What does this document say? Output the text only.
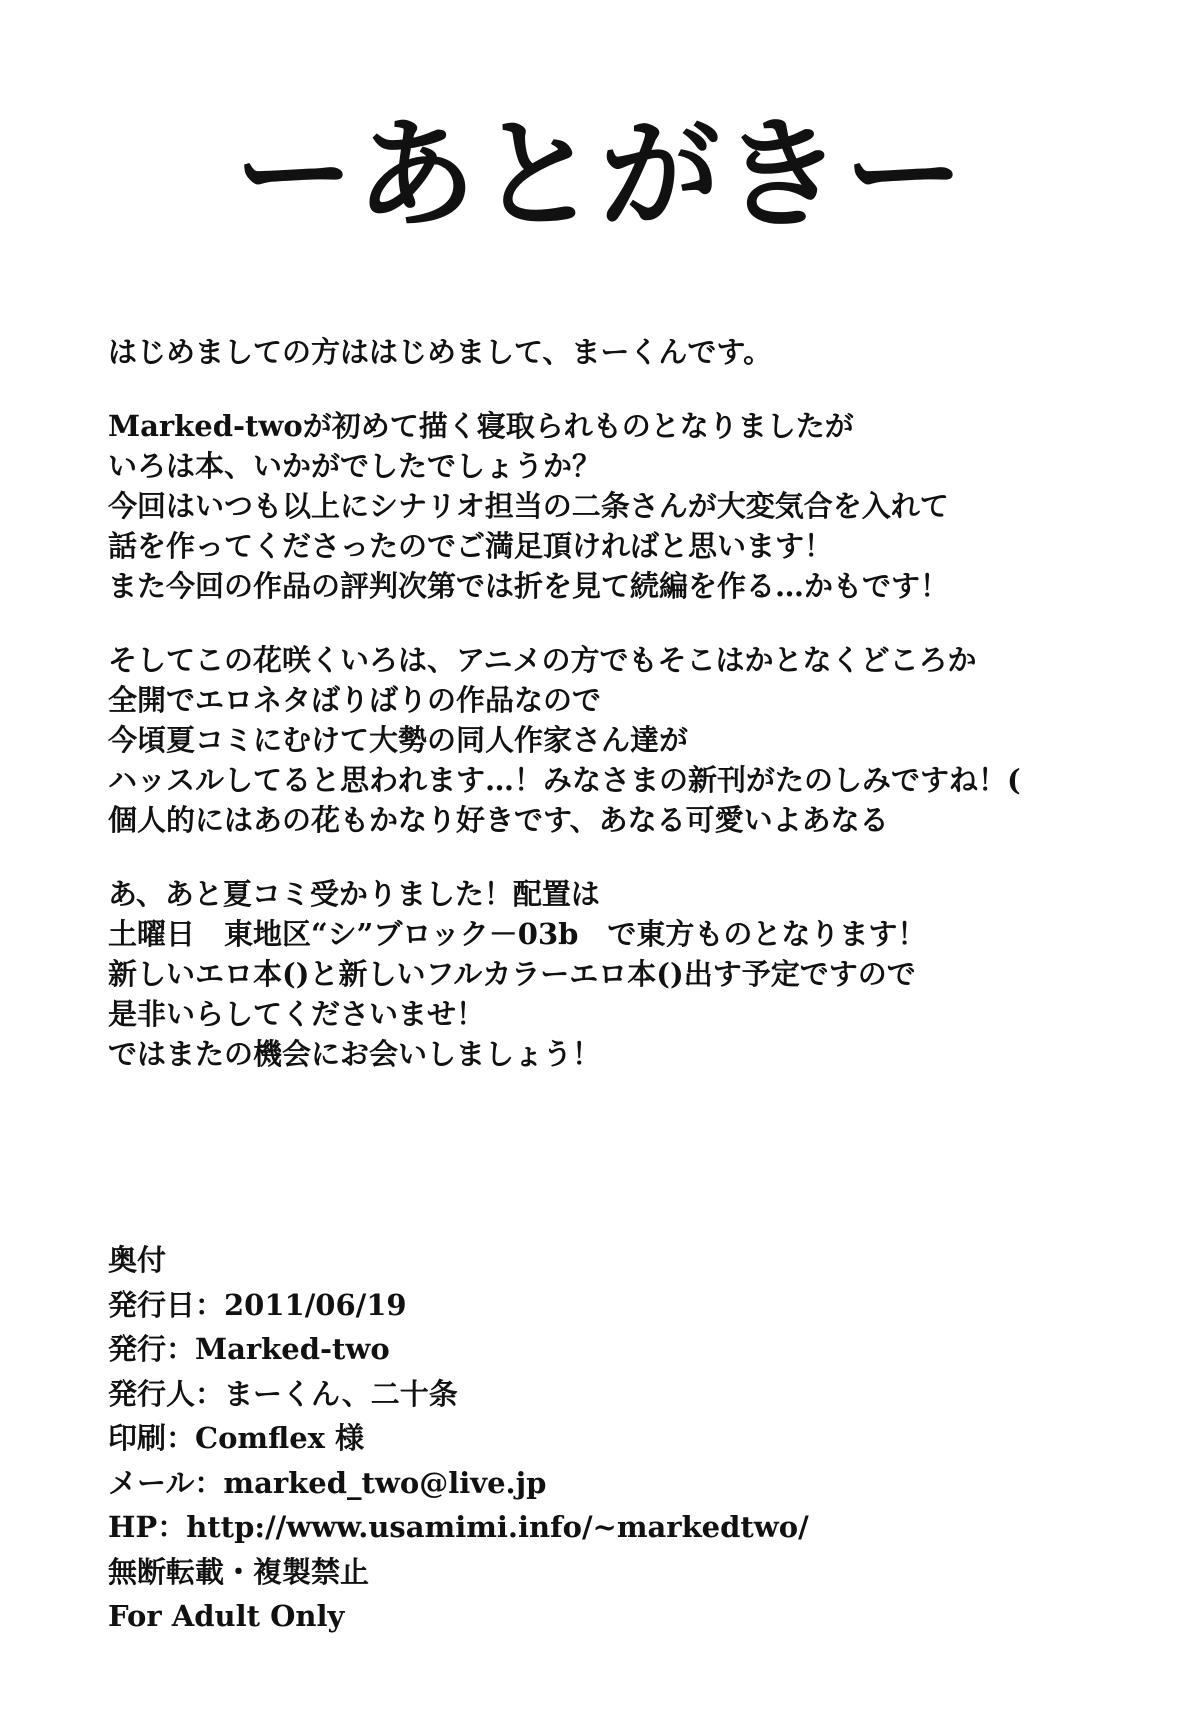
ーあとがきー
はじめましての方ははじめまして、まーくんです。
Marked-twoが初めて描く寝取られものとなりましたが
いろは本、いかがでしたでしょうか？
今回はいつも以上にシナリオ担当の二条さんが大変気合を入れて
話を作ってくださったのでご満足頂ければと思います！
また今回の作品の評判次第では折を見て続編を作る…かもです！
そしてこの花咲くいろは、アニメの方でもそこはかとなくどころか
全開でエロネタばりばりの作品なので
今頃夏コミにむけて大勢の同人作家さん達が
ハッスルしてると思われます…！みなさまの新刊がたのしみですね！(
個人的にはあの花もかなり好きです、あなる可愛いよあなる
あ、あと夏コミ受かりました！配置は
土曜日　東地区“シ”ブロック－03b　で東方ものとなります！
新しいエロ本()と新しいフルカラーエロ本()出す予定ですので
是非いらしてくださいませ！
ではまたの機会にお会いしましょう！
奥付
発行日：2011/06/19
発行：Marked-two
発行人：まーくん、二十条
印刷：Comflex 様
メール：marked_two@live.jp
HP：http://www.usamimi.info/~markedtwo/
無断転載・複製禁止
For Adult Only
